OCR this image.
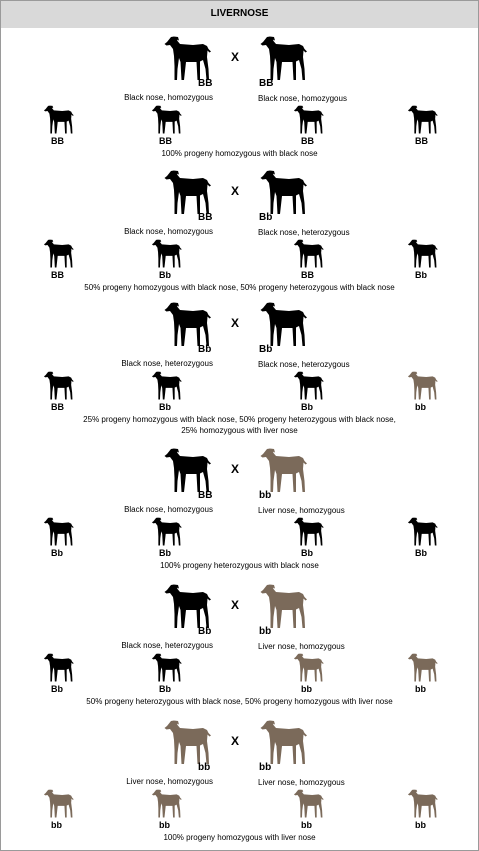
LIVERNOSE
X
BB	BB
Black nose, homozygous	Black nose, homozygous
BB	BB	BB	BB
100% progeny homozygous with black nose
X
BB	Bb
Black nose, homozygous	Black nose, heterozygous
BB	Bb	BB	Bb
50% progeny homozygous with black nose, 50% progeny heterozygous with black nose
X
Bb	Bb
Black nose, heterozygous	Black nose, heterozygous
BB	Bb	Bb	bb
25% progeny homozygous with black nose, 50% progeny heterozygous with black nose,
25% homozygous with liver nose
X
BB	bb
Black nose, homozygous	Liver nose, homozygous
Bb	Bb	Bb	Bb
100% progeny heterozygous with black nose
X
Bb	bb
Black nose, heterozygous	Liver nose, homozygous
Bb	Bb	bb	bb
50% progeny heterozygous with black nose, 50% progeny homozygous with liver nose
X
bb	bb
Liver nose, homozygous	Liver nose, homozygous
bb	bb	bb	bb
100% progeny homozygous with liver nose
